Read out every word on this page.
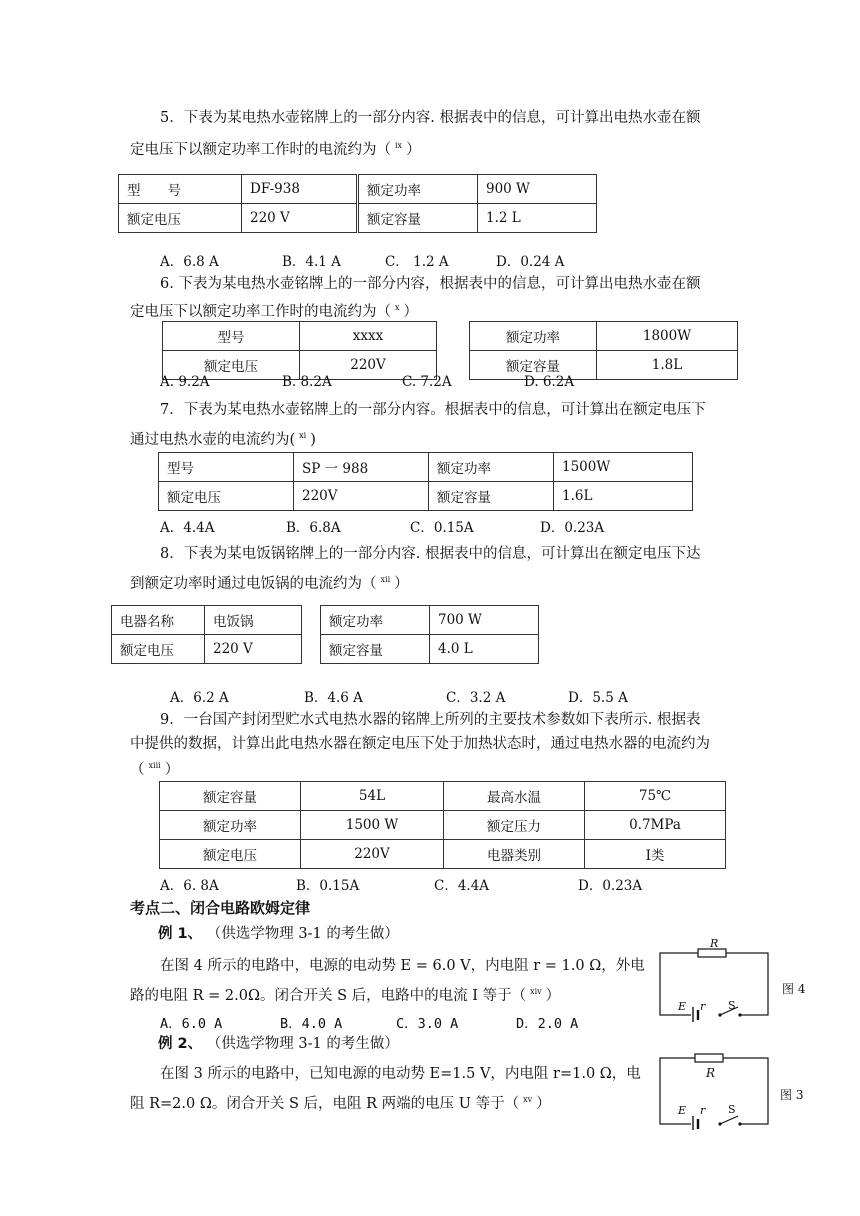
5．下表为某电热水壶铭牌上的一部分内容. 根据表中的信息，可计算出电热水壶在额
定电压下以额定功率工作时的电流约为（ $^{ix}$ ）
型　　号	DF-938	额定功率	900 W
额定电压	220 V	额定容量	1.2 L
A．6.8 A	B．4.1 A	C． 1.2 A	D．0.24 A
6. 下表为某电热水壶铭牌上的一部分内容，根据表中的信息，可计算出电热水壶在额
定电压下以额定功率工作时的电流约为（ $^x$ ）
型号	xxxx		额定功率	1800W
额定电压	220V		额定容量	1.8L
A. 9.2A	B. 8.2A	C. 7.2A	D. 6.2A
7．下表为某电热水壶铭牌上的一部分内容。根据表中的信息，可计算出在额定电压下
通过电热水壶的电流约为( $^{xi}$ )
型号	SP 一 988	额定功率	1500W
额定电压	220V	额定容量	1.6L
A．4.4A	B．6.8A	C．0.15A	D．0.23A
8．下表为某电饭锅铭牌上的一部分内容. 根据表中的信息，可计算出在额定电压下达
到额定功率时通过电饭锅的电流约为（ $^{xii}$ ）
电器名称	电饭锅		额定功率	700 W
额定电压	220 V		额定容量	4.0 L
A．6.2 A	B．4.6 A	C．3.2 A	D．5.5 A
9．一台国产封闭型贮水式电热水器的铭牌上所列的主要技术参数如下表所示. 根据表
中提供的数据，计算出此电热水器在额定电压下处于加热状态时，通过电热水器的电流约为
（ $^{xiii}$ ）
额定容量	54L	最高水温	75℃
额定功率	1500 W	额定压力	0.7MPa
额定电压	220V	电器类别	Ⅰ类
A．6. 8A	B．0.15A	C．4.4A	D．0.23A
考点二、闭合电路欧姆定律
例 1、 （供选学物理 3-1 的考生做）
在图 4 所示的电路中，电源的电动势 E = 6.0 V，内电阻 r = 1.0 Ω，外电
路的电阻 R = 2.0Ω。闭合开关 S 后，电路中的电流 I 等于（ $^{xiv}$ ）
A．6.0 A	B．4.0 A	C．3.0 A	D．2.0 A
R
E r S
图 4
例 2、 （供选学物理 3-1 的考生做）
在图 3 所示的电路中，已知电源的电动势 E=1.5 V，内电阻 r=1.0 Ω，电
阻 R=2.0 Ω。闭合开关 S 后，电阻 R 两端的电压 U 等于（ $^{xv}$ ）
R
E r S
图 3
